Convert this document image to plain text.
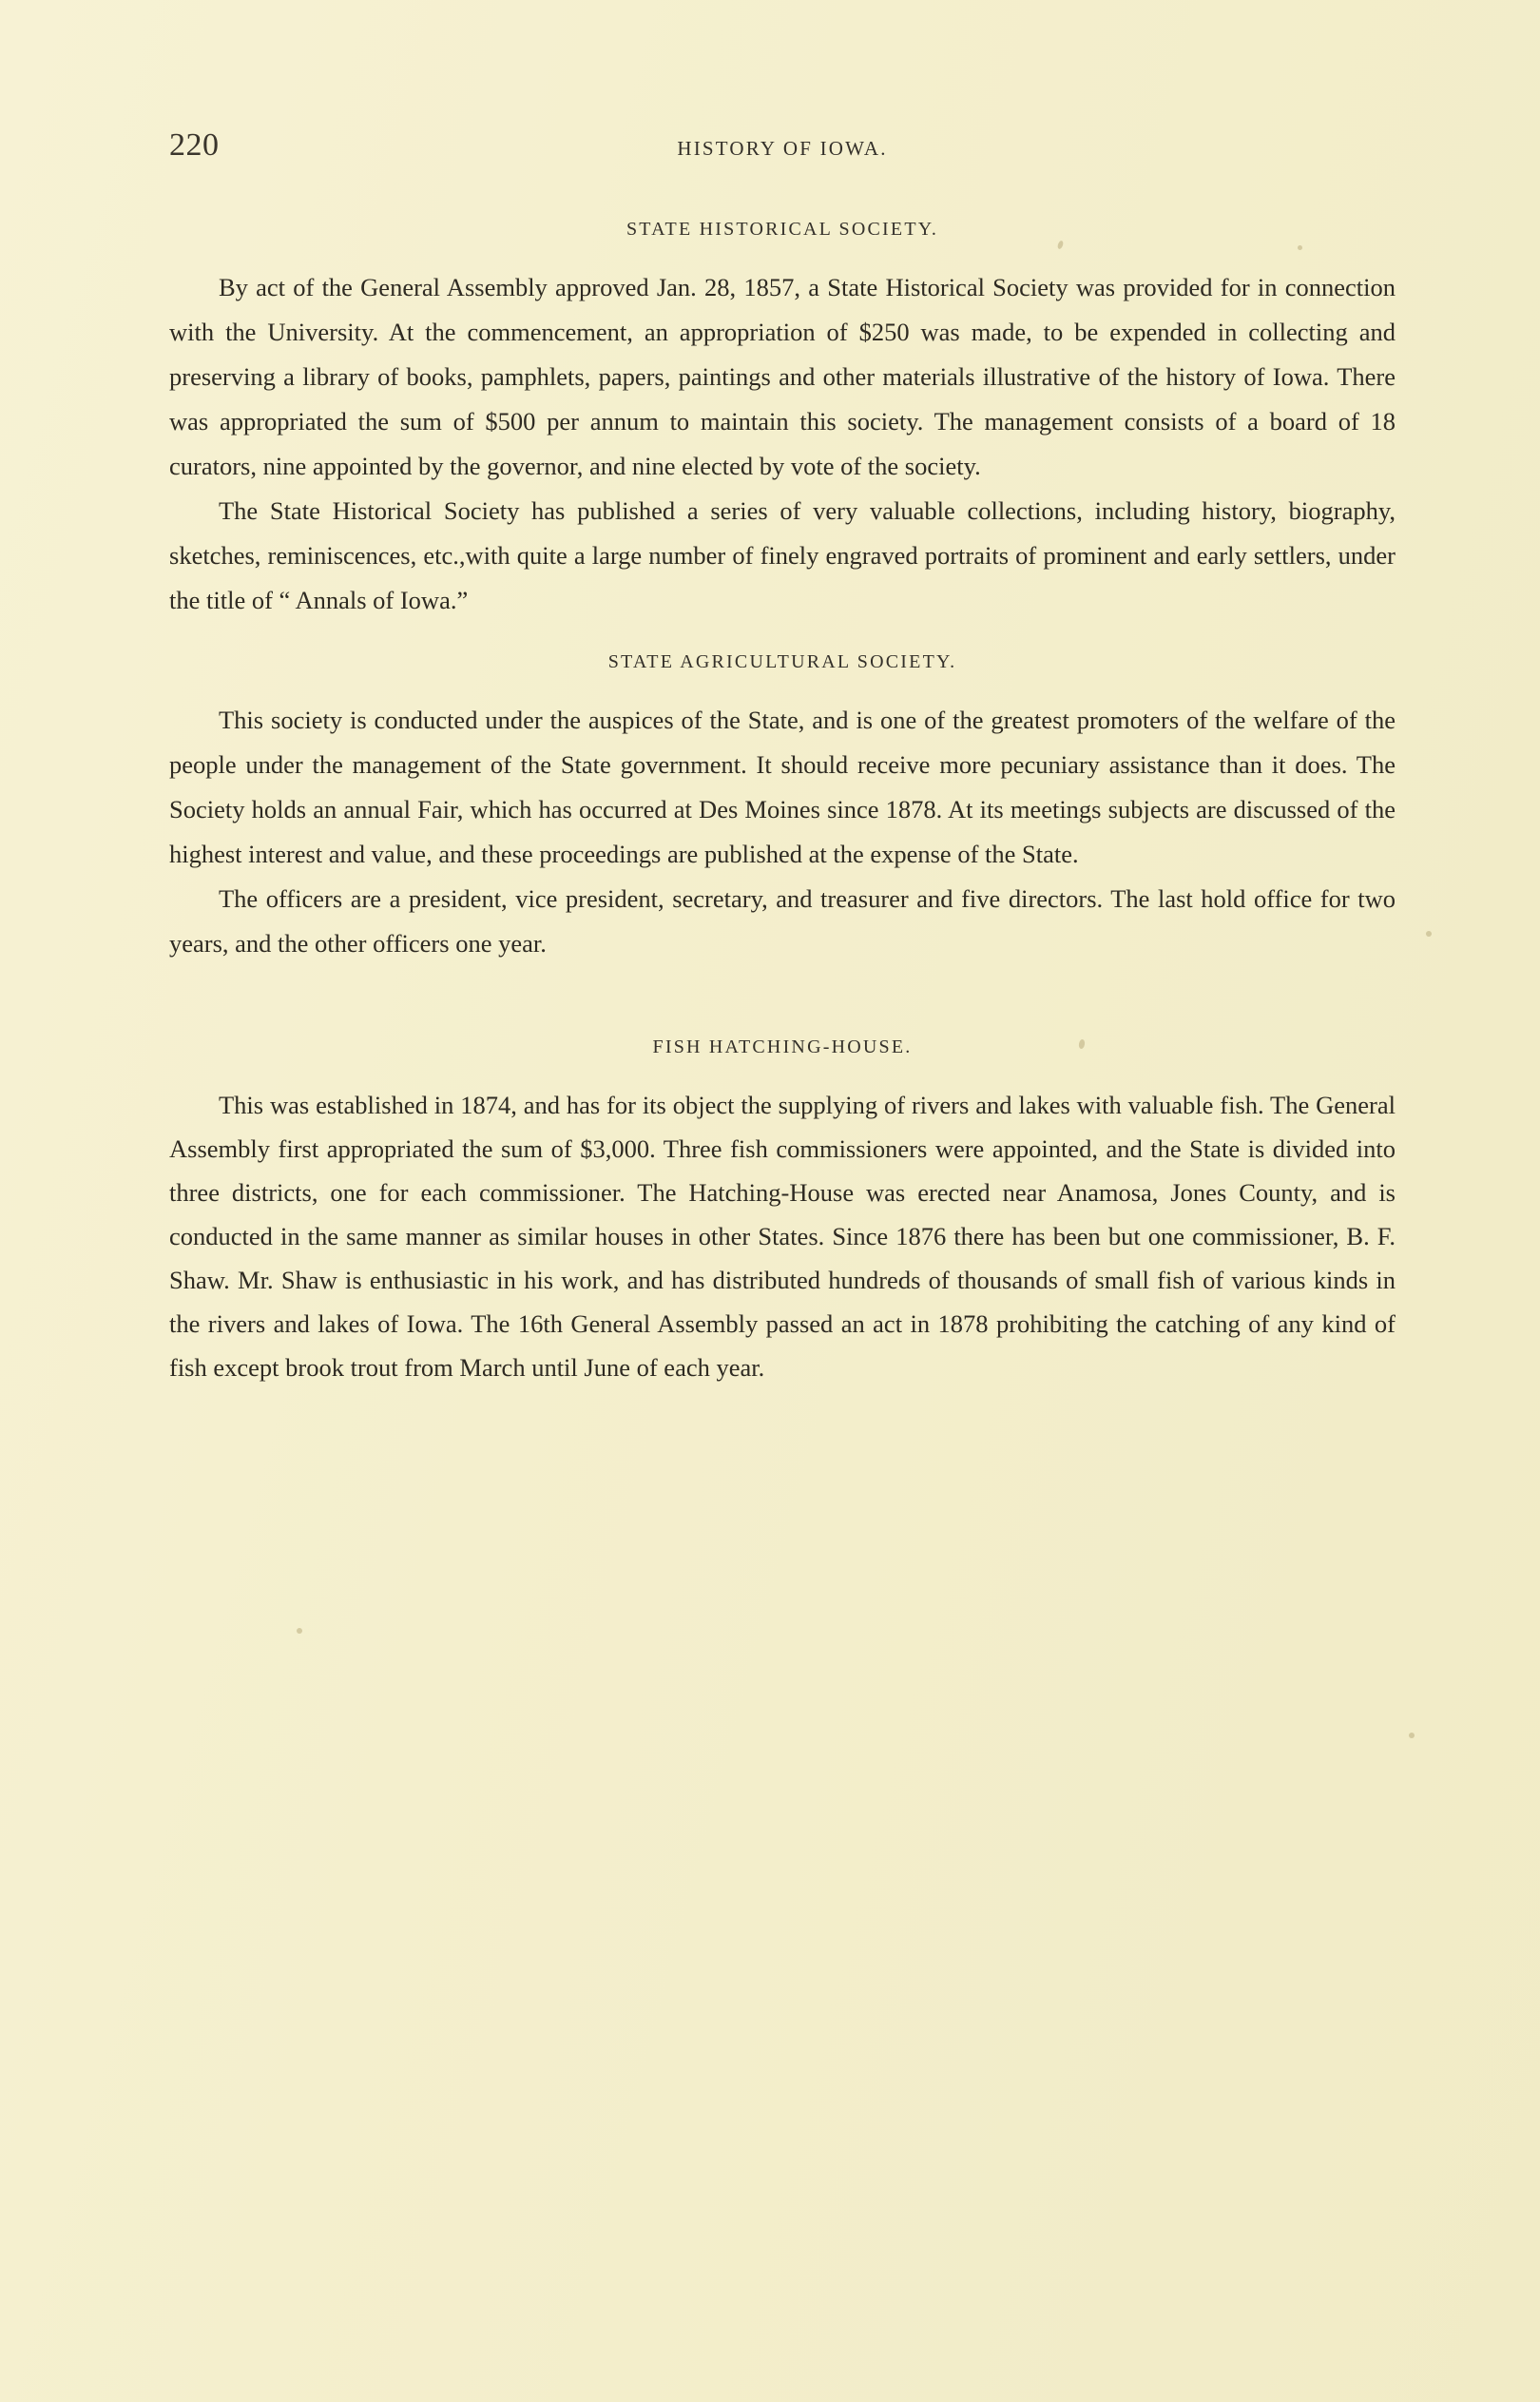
220	HISTORY OF IOWA.
STATE HISTORICAL SOCIETY.

By act of the General Assembly approved Jan. 28, 1857, a State Historical Society was provided for in connection with the University. At the commencement, an appropriation of $250 was made, to be expended in collecting and preserving a library of books, pamphlets, papers, paintings and other materials illustrative of the history of Iowa. There was appropriated the sum of $500 per annum to maintain this society. The management consists of a board of 18 curators, nine appointed by the governor, and nine elected by vote of the society.

The State Historical Society has published a series of very valuable collections, including history, biography, sketches, reminiscences, etc.,with quite a large number of finely engraved portraits of prominent and early settlers, under the title of “ Annals of Iowa.”

STATE AGRICULTURAL SOCIETY.

This society is conducted under the auspices of the State, and is one of the greatest promoters of the welfare of the people under the management of the State government. It should receive more pecuniary assistance than it does. The Society holds an annual Fair, which has occurred at Des Moines since 1878. At its meetings subjects are discussed of the highest interest and value, and these proceedings are published at the expense of the State.

The officers are a president, vice president, secretary, and treasurer and five directors. The last hold office for two years, and the other officers one year.

FISH HATCHING-HOUSE.

This was established in 1874, and has for its object the supplying of rivers and lakes with valuable fish. The General Assembly first appropriated the sum of $3,000. Three fish commissioners were appointed, and the State is divided into three districts, one for each commissioner. The Hatching-House was erected near Anamosa, Jones County, and is conducted in the same manner as similar houses in other States. Since 1876 there has been but one commissioner, B. F. Shaw. Mr. Shaw is enthusiastic in his work, and has distributed hundreds of thousands of small fish of various kinds in the rivers and lakes of Iowa. The 16th General Assembly passed an act in 1878 prohibiting the catching of any kind of fish except brook trout from March until June of each year.
